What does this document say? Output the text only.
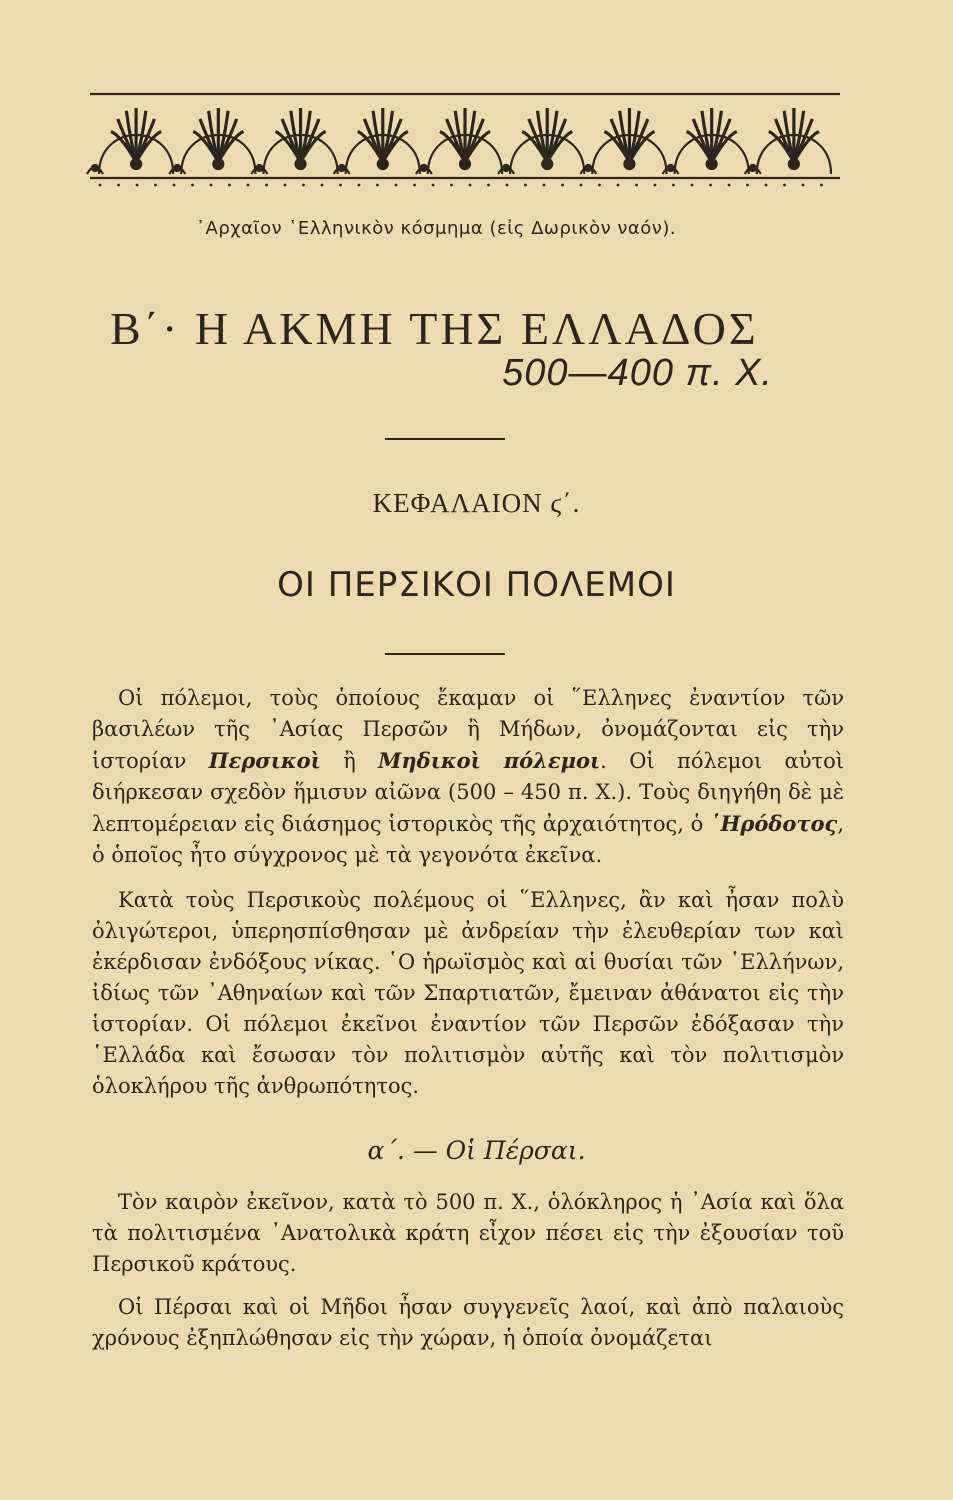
᾿Αρχαῖον ῾Ελληνικὸν κόσμημα (εἰς Δωρικὸν ναόν).
Β΄· Η ΑΚΜΗ ΤΗΣ ΕΛΛΑΔΟΣ
500—400 π. Χ.
ΚΕΦΑΛΑΙΟΝ ϛ΄.
ΟΙ ΠΕΡΣΙΚΟΙ ΠΟΛΕΜΟΙ

Οἱ πόλεμοι, τοὺς ὁποίους ἔκαμαν οἱ ῞Ελληνες ἐναντίον τῶν βασιλέων τῆς ᾿Ασίας Περσῶν ἢ Μήδων, ὀνομάζονται εἰς τὴν ἱστορίαν Περσικοὶ ἢ Μηδικοὶ πόλεμοι. Οἱ πόλεμοι αὐτοὶ διήρκεσαν σχεδὸν ἥμισυν αἰῶνα (500 – 450 π. Χ.). Τοὺς διηγήθη δὲ μὲ λεπτομέρειαν εἰς διάσημος ἱστορικὸς τῆς ἀρχαιότητος, ὁ ῾Ηρόδοτος, ὁ ὁποῖος ἦτο σύγχρονος μὲ τὰ γεγονότα ἐκεῖνα.

Κατὰ τοὺς Περσικοὺς πολέμους οἱ ῞Ελληνες, ἂν καὶ ἦσαν πολὺ ὀλιγώτεροι, ὑπερησπίσθησαν μὲ ἀνδρείαν τὴν ἐλευθερίαν των καὶ ἐκέρδισαν ἐνδόξους νίκας. ῾Ο ἡρωϊσμὸς καὶ αἱ θυσίαι τῶν ῾Ελλήνων, ἰδίως τῶν ᾿Αθηναίων καὶ τῶν Σπαρτιατῶν, ἔμειναν ἀθάνατοι εἰς τὴν ἱστορίαν. Οἱ πόλεμοι ἐκεῖνοι ἐναντίον τῶν Περσῶν ἐδόξασαν τὴν ῾Ελλάδα καὶ ἔσωσαν τὸν πολιτισμὸν αὐτῆς καὶ τὸν πολιτισμὸν ὁλοκλήρου τῆς ἀνθρωπότητος.

α΄. — Οἱ Πέρσαι.

Τὸν καιρὸν ἐκεῖνον, κατὰ τὸ 500 π. Χ., ὁλόκληρος ἡ ᾿Ασία καὶ ὅλα τὰ πολιτισμένα ᾿Ανατολικὰ κράτη εἶχον πέσει εἰς τὴν ἐξουσίαν τοῦ Περσικοῦ κράτους.

Οἱ Πέρσαι καὶ οἱ Μῆδοι ἦσαν συγγενεῖς λαοί, καὶ ἀπὸ παλαιοὺς χρόνους ἐξηπλώθησαν εἰς τὴν χώραν, ἡ ὁποία ὀνομάζεται
